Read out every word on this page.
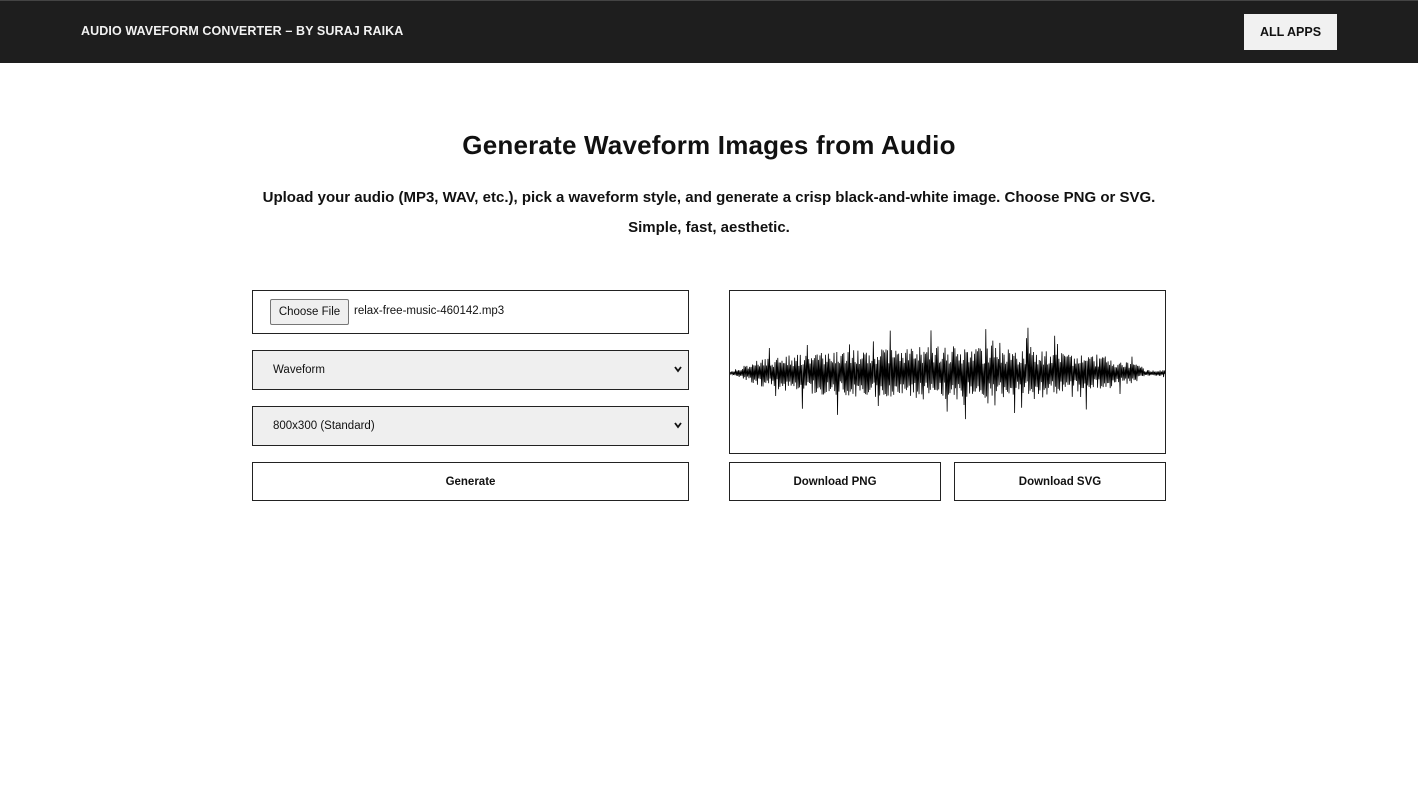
AUDIO WAVEFORM CONVERTER – BY SURAJ RAIKA	ALL APPS
Generate Waveform Images from Audio

Upload your audio (MP3, WAV, etc.), pick a waveform style, and generate a crisp black-and-white image. Choose PNG or SVG. Simple, fast, aesthetic.

Choose File	relax-free-music-460142.mp3
Waveform
800x300 (Standard)
Generate	Download PNG	Download SVG
